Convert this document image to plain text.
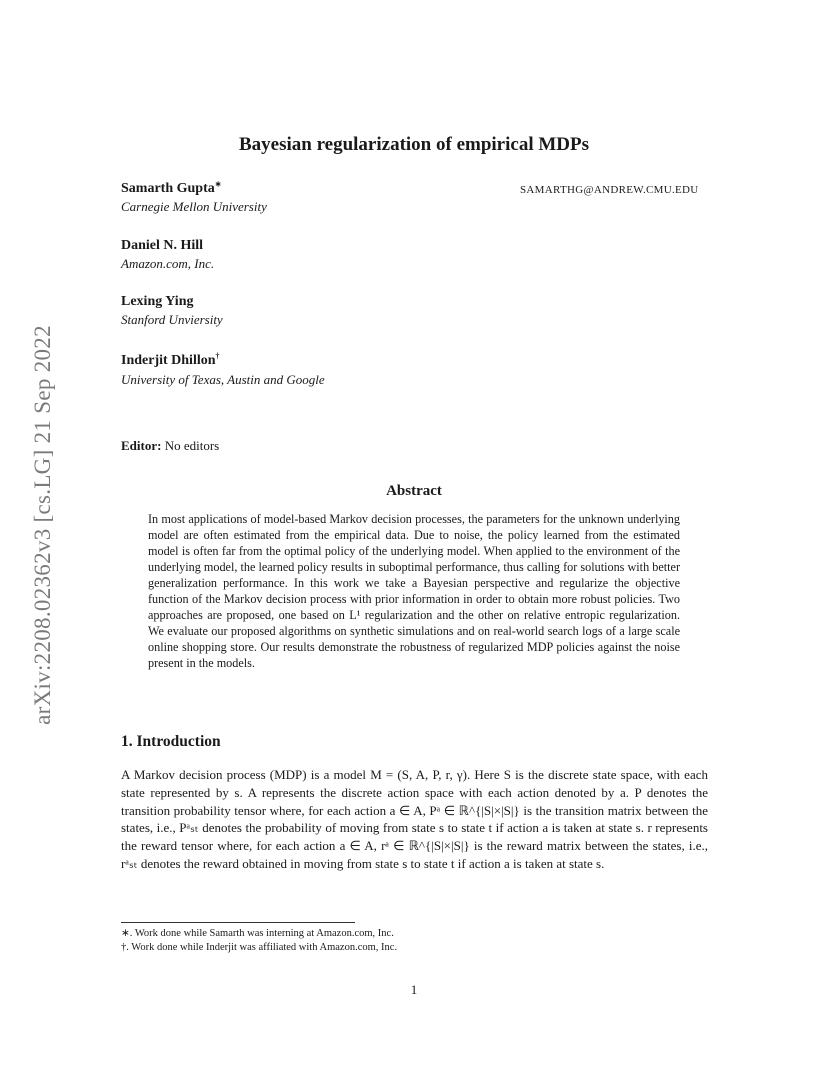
arXiv:2208.02362v3 [cs.LG] 21 Sep 2022
Bayesian regularization of empirical MDPs
Samarth Gupta∗
SAMARTHG@ANDREW.CMU.EDU
Carnegie Mellon University
Daniel N. Hill
Amazon.com, Inc.
Lexing Ying
Stanford Unviersity
Inderjit Dhillon†
University of Texas, Austin and Google
Editor: No editors
Abstract
In most applications of model-based Markov decision processes, the parameters for the unknown underlying model are often estimated from the empirical data. Due to noise, the policy learned from the estimated model is often far from the optimal policy of the underlying model. When applied to the environment of the underlying model, the learned policy results in suboptimal performance, thus calling for solutions with better generalization performance. In this work we take a Bayesian perspective and regularize the objective function of the Markov decision process with prior information in order to obtain more robust policies. Two approaches are proposed, one based on L¹ regularization and the other on relative entropic regularization. We evaluate our proposed algorithms on synthetic simulations and on real-world search logs of a large scale online shopping store. Our results demonstrate the robustness of regularized MDP policies against the noise present in the models.
1. Introduction
A Markov decision process (MDP) is a model M = (S, A, P, r, γ). Here S is the discrete state space, with each state represented by s. A represents the discrete action space with each action denoted by a. P denotes the transition probability tensor where, for each action a ∈ A, Pᵃ ∈ ℝ^{|S|×|S|} is the transition matrix between the states, i.e., Pᵃₛₜ denotes the probability of moving from state s to state t if action a is taken at state s. r represents the reward tensor where, for each action a ∈ A, rᵃ ∈ ℝ^{|S|×|S|} is the reward matrix between the states, i.e., rᵃₛₜ denotes the reward obtained in moving from state s to state t if action a is taken at state s.
∗. Work done while Samarth was interning at Amazon.com, Inc.
†. Work done while Inderjit was affiliated with Amazon.com, Inc.
1
